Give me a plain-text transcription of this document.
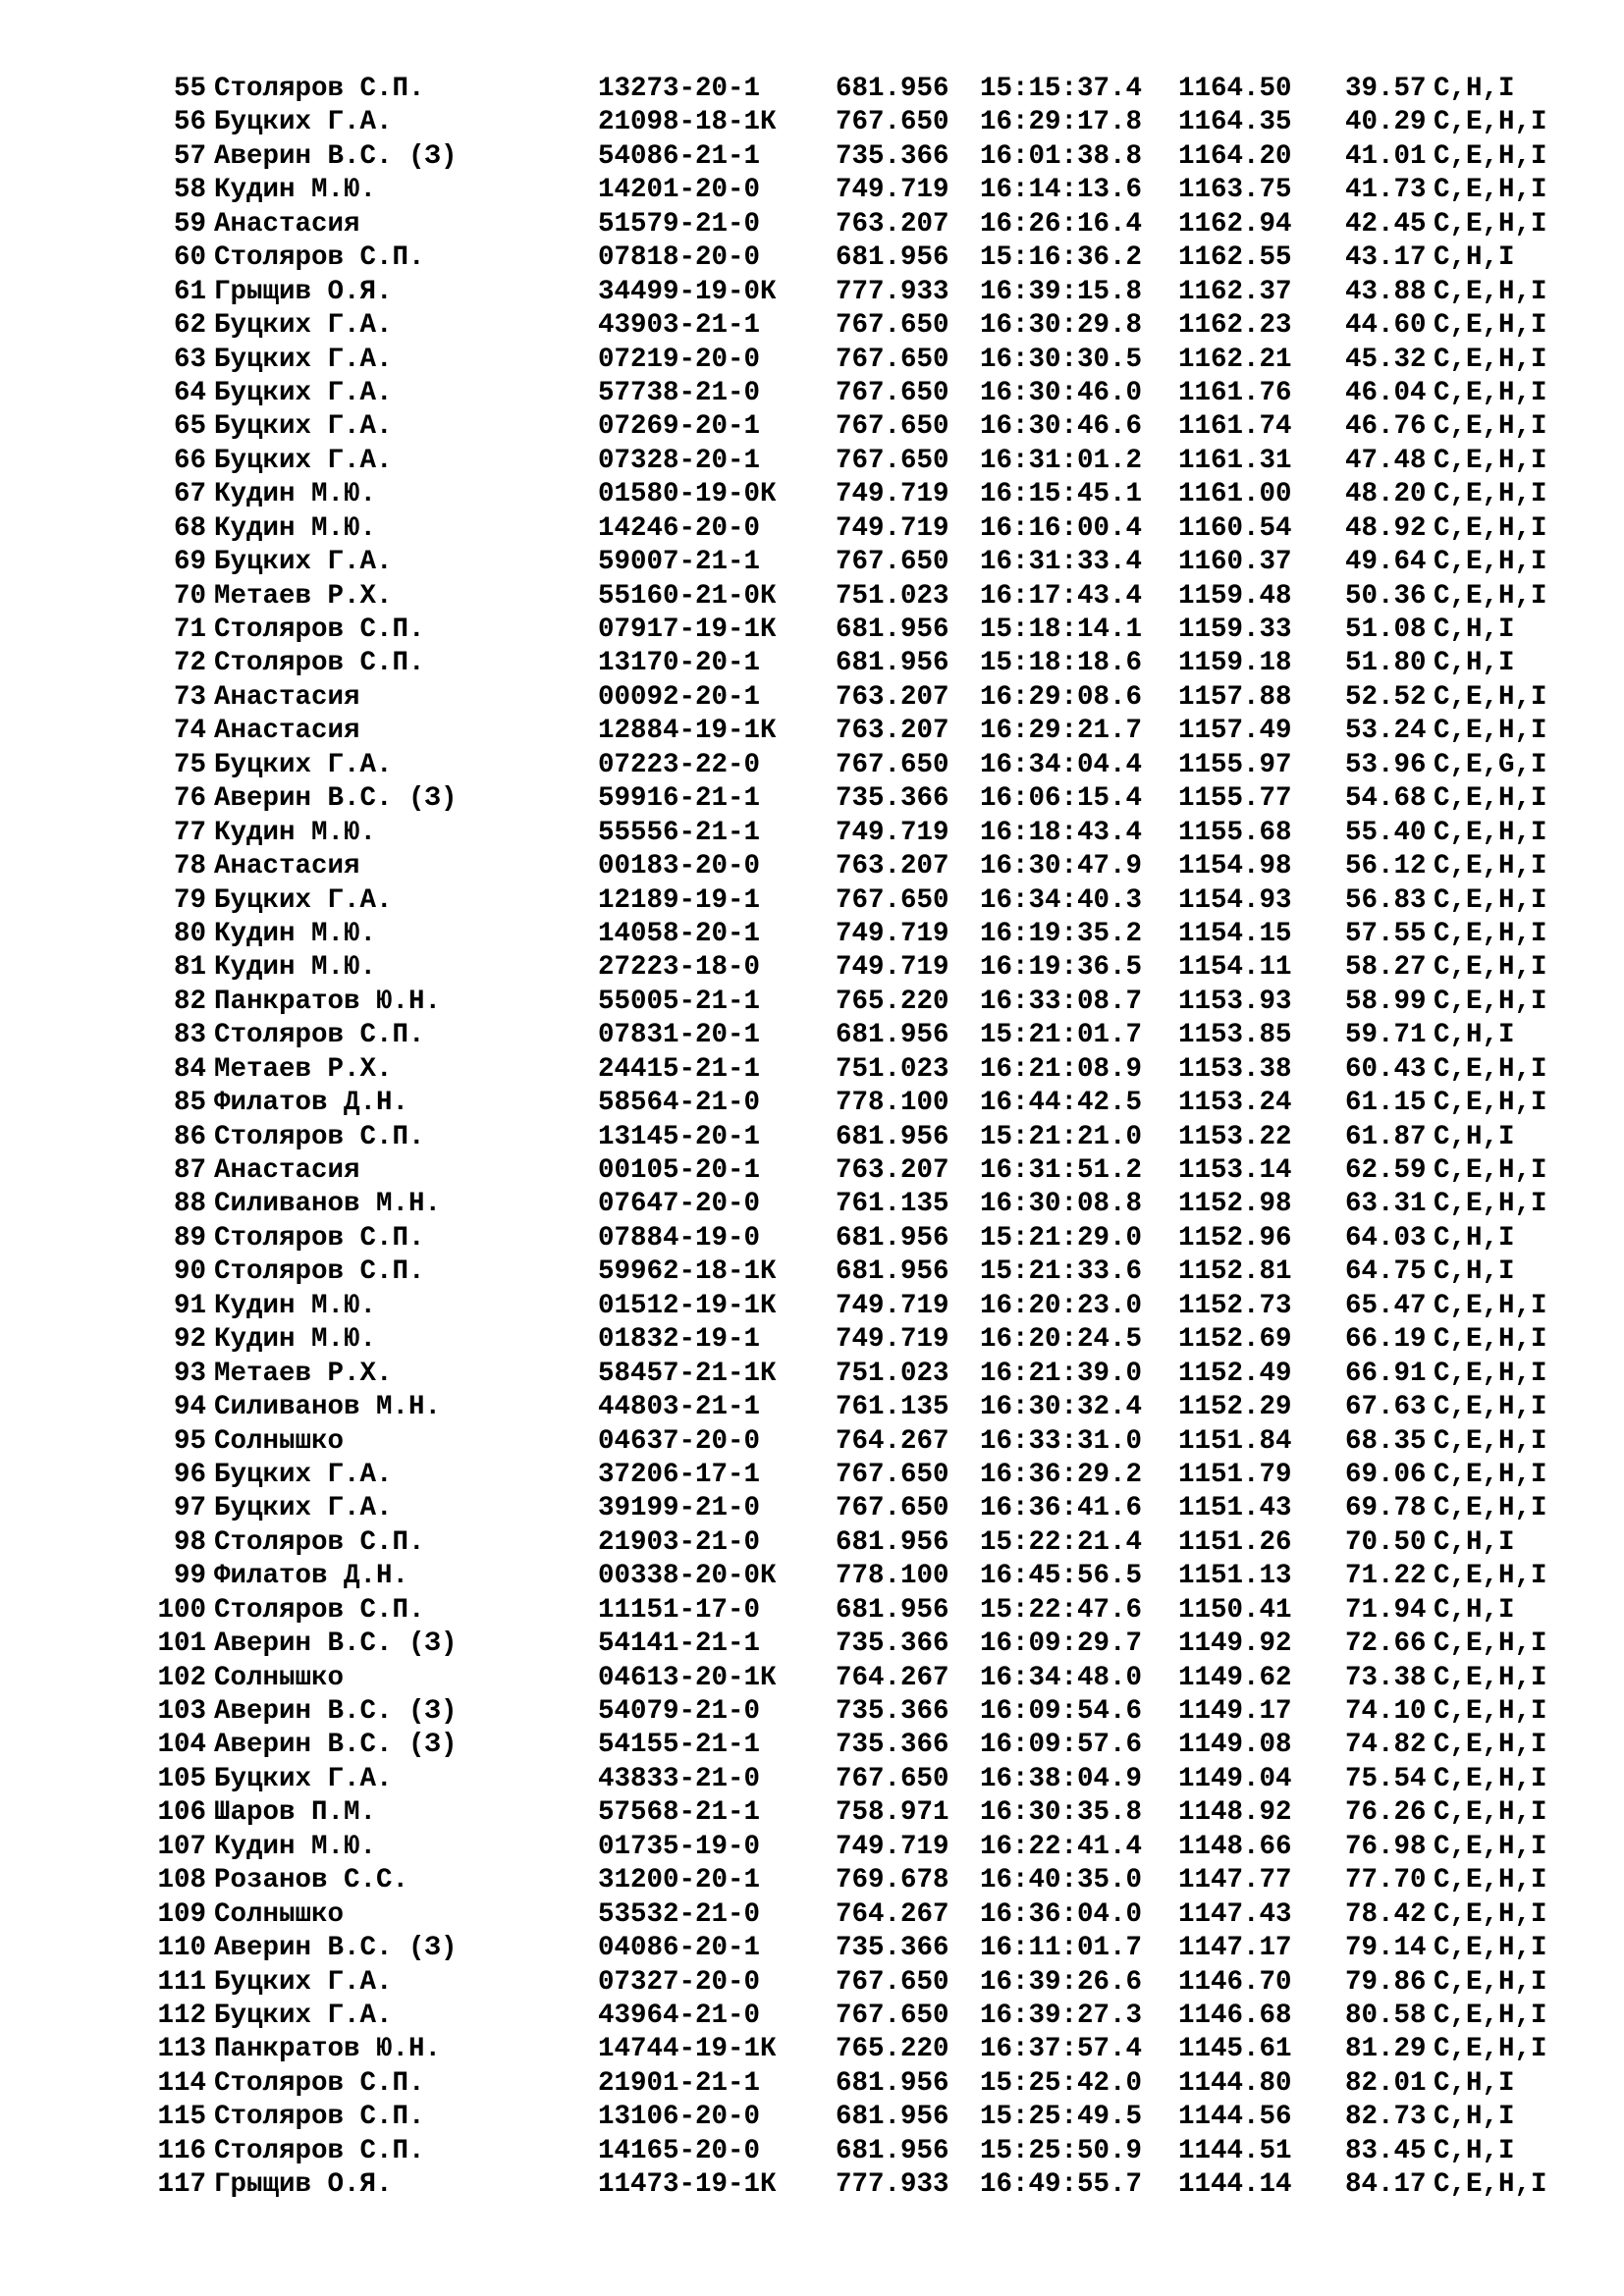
55 Столяров С.П.	13273-20-1	681.956 15:15:37.4 1164.50 39.57 C,H,I
56 Буцких Г.А.	21098-18-1К 767.650 16:29:17.8 1164.35 40.29 C,E,H,I
57 Аверин В.С. (З)	54086-21-1	735.366 16:01:38.8 1164.20 41.01 C,E,H,I
58 Кудин М.Ю.	14201-20-0	749.719 16:14:13.6 1163.75 41.73 C,E,H,I
59 Анастасия	51579-21-0	763.207 16:26:16.4 1162.94 42.45 C,E,H,I
60 Столяров С.П.	07818-20-0	681.956 15:16:36.2 1162.55 43.17 C,H,I
61 Грыщив О.Я.	34499-19-0К 777.933 16:39:15.8 1162.37 43.88 C,E,H,I
62 Буцких Г.А.	43903-21-1	767.650 16:30:29.8 1162.23 44.60 C,E,H,I
63 Буцких Г.А.	07219-20-0	767.650 16:30:30.5 1162.21 45.32 C,E,H,I
64 Буцких Г.А.	57738-21-0	767.650 16:30:46.0 1161.76 46.04 C,E,H,I
65 Буцких Г.А.	07269-20-1	767.650 16:30:46.6 1161.74 46.76 C,E,H,I
66 Буцких Г.А.	07328-20-1	767.650 16:31:01.2 1161.31 47.48 C,E,H,I
67 Кудин М.Ю.	01580-19-0К 749.719 16:15:45.1 1161.00 48.20 C,E,H,I
68 Кудин М.Ю.	14246-20-0	749.719 16:16:00.4 1160.54 48.92 C,E,H,I
69 Буцких Г.А.	59007-21-1	767.650 16:31:33.4 1160.37 49.64 C,E,H,I
70 Метаев Р.Х.	55160-21-0К 751.023 16:17:43.4 1159.48 50.36 C,E,H,I
71 Столяров С.П.	07917-19-1К 681.956 15:18:14.1 1159.33 51.08 C,H,I
72 Столяров С.П.	13170-20-1	681.956 15:18:18.6 1159.18 51.80 C,H,I
73 Анастасия	00092-20-1	763.207 16:29:08.6 1157.88 52.52 C,E,H,I
74 Анастасия	12884-19-1К 763.207 16:29:21.7 1157.49 53.24 C,E,H,I
75 Буцких Г.А.	07223-22-0	767.650 16:34:04.4 1155.97 53.96 C,E,G,I
76 Аверин В.С. (З)	59916-21-1	735.366 16:06:15.4 1155.77 54.68 C,E,H,I
77 Кудин М.Ю.	55556-21-1	749.719 16:18:43.4 1155.68 55.40 C,E,H,I
78 Анастасия	00183-20-0	763.207 16:30:47.9 1154.98 56.12 C,E,H,I
79 Буцких Г.А.	12189-19-1	767.650 16:34:40.3 1154.93 56.83 C,E,H,I
80 Кудин М.Ю.	14058-20-1	749.719 16:19:35.2 1154.15 57.55 C,E,H,I
81 Кудин М.Ю.	27223-18-0	749.719 16:19:36.5 1154.11 58.27 C,E,H,I
82 Панкратов Ю.Н.	55005-21-1	765.220 16:33:08.7 1153.93 58.99 C,E,H,I
83 Столяров С.П.	07831-20-1	681.956 15:21:01.7 1153.85 59.71 C,H,I
84 Метаев Р.Х.	24415-21-1	751.023 16:21:08.9 1153.38 60.43 C,E,H,I
85 Филатов Д.Н.	58564-21-0	778.100 16:44:42.5 1153.24 61.15 C,E,H,I
86 Столяров С.П.	13145-20-1	681.956 15:21:21.0 1153.22 61.87 C,H,I
87 Анастасия	00105-20-1	763.207 16:31:51.2 1153.14 62.59 C,E,H,I
88 Силиванов М.Н.	07647-20-0	761.135 16:30:08.8 1152.98 63.31 C,E,H,I
89 Столяров С.П.	07884-19-0	681.956 15:21:29.0 1152.96 64.03 C,H,I
90 Столяров С.П.	59962-18-1К 681.956 15:21:33.6 1152.81 64.75 C,H,I
91 Кудин М.Ю.	01512-19-1К 749.719 16:20:23.0 1152.73 65.47 C,E,H,I
92 Кудин М.Ю.	01832-19-1	749.719 16:20:24.5 1152.69 66.19 C,E,H,I
93 Метаев Р.Х.	58457-21-1К 751.023 16:21:39.0 1152.49 66.91 C,E,H,I
94 Силиванов М.Н.	44803-21-1	761.135 16:30:32.4 1152.29 67.63 C,E,H,I
95 Солнышко	04637-20-0	764.267 16:33:31.0 1151.84 68.35 C,E,H,I
96 Буцких Г.А.	37206-17-1	767.650 16:36:29.2 1151.79 69.06 C,E,H,I
97 Буцких Г.А.	39199-21-0	767.650 16:36:41.6 1151.43 69.78 C,E,H,I
98 Столяров С.П.	21903-21-0	681.956 15:22:21.4 1151.26 70.50 C,H,I
99 Филатов Д.Н.	00338-20-0К 778.100 16:45:56.5 1151.13 71.22 C,E,H,I
100 Столяров С.П.	11151-17-0	681.956 15:22:47.6 1150.41 71.94 C,H,I
101 Аверин В.С. (З)	54141-21-1	735.366 16:09:29.7 1149.92 72.66 C,E,H,I
102 Солнышко	04613-20-1К 764.267 16:34:48.0 1149.62 73.38 C,E,H,I
103 Аверин В.С. (З)	54079-21-0	735.366 16:09:54.6 1149.17 74.10 C,E,H,I
104 Аверин В.С. (З)	54155-21-1	735.366 16:09:57.6 1149.08 74.82 C,E,H,I
105 Буцких Г.А.	43833-21-0	767.650 16:38:04.9 1149.04 75.54 C,E,H,I
106 Шаров П.М.	57568-21-1	758.971 16:30:35.8 1148.92 76.26 C,E,H,I
107 Кудин М.Ю.	01735-19-0	749.719 16:22:41.4 1148.66 76.98 C,E,H,I
108 Розанов С.С.	31200-20-1	769.678 16:40:35.0 1147.77 77.70 C,E,H,I
109 Солнышко	53532-21-0	764.267 16:36:04.0 1147.43 78.42 C,E,H,I
110 Аверин В.С. (З)	04086-20-1	735.366 16:11:01.7 1147.17 79.14 C,E,H,I
111 Буцких Г.А.	07327-20-0	767.650 16:39:26.6 1146.70 79.86 C,E,H,I
112 Буцких Г.А.	43964-21-0	767.650 16:39:27.3 1146.68 80.58 C,E,H,I
113 Панкратов Ю.Н.	14744-19-1К 765.220 16:37:57.4 1145.61 81.29 C,E,H,I
114 Столяров С.П.	21901-21-1	681.956 15:25:42.0 1144.80 82.01 C,H,I
115 Столяров С.П.	13106-20-0	681.956 15:25:49.5 1144.56 82.73 C,H,I
116 Столяров С.П.	14165-20-0	681.956 15:25:50.9 1144.51 83.45 C,H,I
117 Грыщив О.Я.	11473-19-1К 777.933 16:49:55.7 1144.14 84.17 C,E,H,I
